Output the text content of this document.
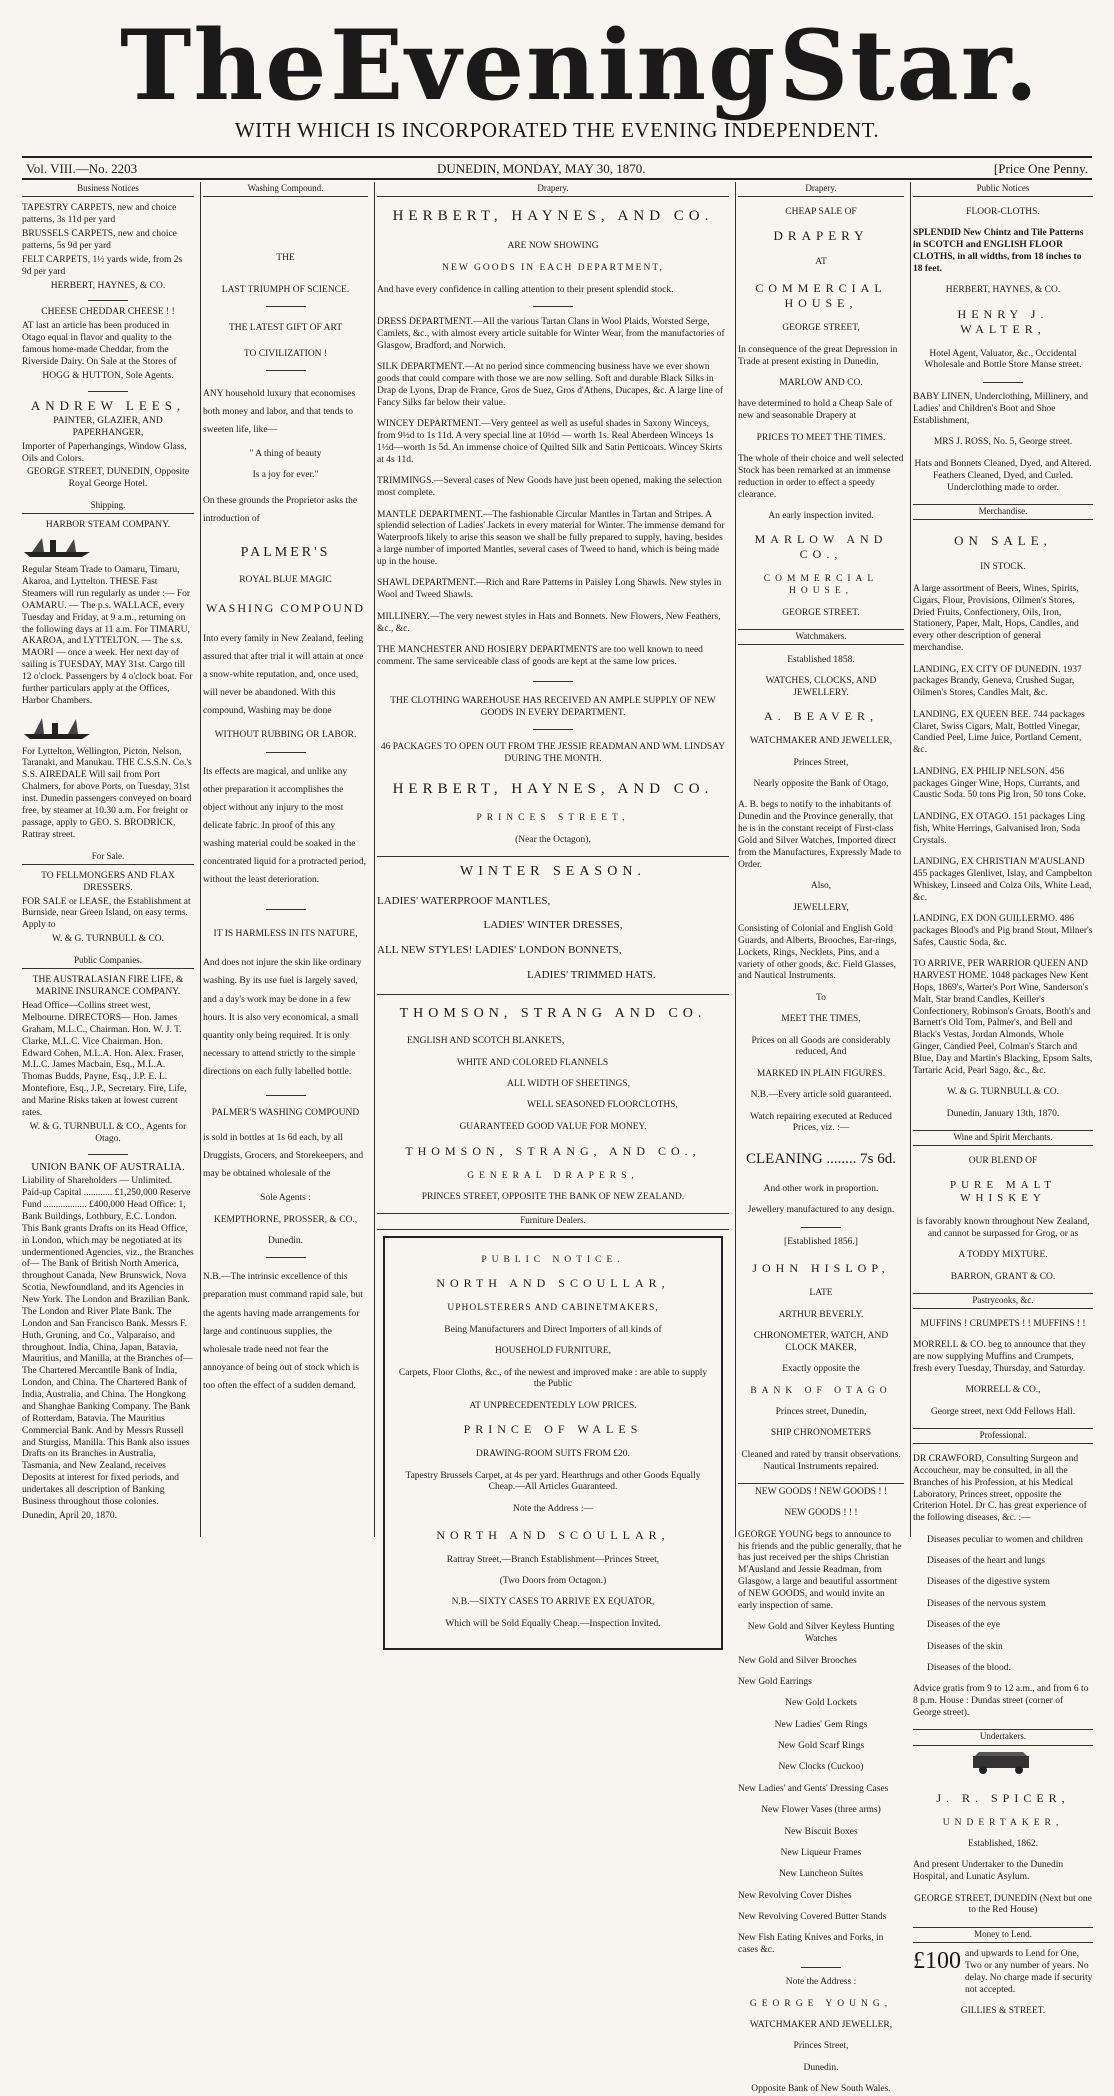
The Evening Star.
WITH WHICH IS INCORPORATED THE EVENING INDEPENDENT.
Vol. VIII.—No. 2203	DUNEDIN, MONDAY, MAY 30, 1870.	[Price One Penny.
Business Notices

TAPESTRY CARPETS, new and choice patterns, 3s 11d per yard

BRUSSELS CARPETS, new and choice patterns, 5s 9d per yard

FELT CARPETS, 1½ yards wide, from 2s 9d per yard

HERBERT, HAYNES, & CO.

CHEESE CHEDDAR CHEESE ! !

AT last an article has been produced in Otago equal in flavor and quality to the famous home-made Cheddar, from the Riverside Dairy. On Sale at the Stores of

HOGG & HUTTON, Sole Agents.

ANDREW LEES,

PAINTER, GLAZIER, AND PAPERHANGER,

Importer of Paperhangings, Window Glass, Oils and Colors.

GEORGE STREET, DUNEDIN, Opposite Royal George Hotel.

Shipping.

HARBOR STEAM COMPANY.

Regular Steam Trade to Oamaru, Timaru, Akaroa, and Lyttelton. THESE Fast Steamers will run regularly as under :— For OAMARU. — The p.s. WALLACE, every Tuesday and Friday, at 9 a.m., returning on the following days at 11 a.m. For TIMARU, AKAROA, and LYTTELTON. — The s.s. MAORI — once a week. Her next day of sailing is TUESDAY, MAY 31st. Cargo till 12 o'clock. Passengers by 4 o'clock boat. For further particulars apply at the Offices, Harbor Chambers.

For Lyttelton, Wellington, Picton, Nelson, Taranaki, and Manukau. THE C.S.S.N. Co.'s S.S. AIREDALE Will sail from Port Chalmers, for above Ports, on Tuesday, 31st inst. Dunedin passengers conveyed on board free, by steamer at 10.30 a.m. For freight or passage, apply to GEO. S. BRODRICK, Rattray street.

For Sale.

TO FELLMONGERS AND FLAX DRESSERS.

FOR SALE or LEASE, the Establishment at Burnside, near Green Island, on easy terms. Apply to

W. & G. TURNBULL & CO.

Public Companies.

THE AUSTRALASIAN FIRE LIFE, & MARINE INSURANCE COMPANY.

Head Office—Collins street west, Melbourne. DIRECTORS— Hon. James Graham, M.L.C., Chairman. Hon. W. J. T. Clarke, M.L.C. Vice Chairman. Hon. Edward Cohen, M.L.A. Hon. Alex. Fraser, M.L.C. James Macbain, Esq., M.L.A. Thomas Budds, Payne, Esq., J.P. E. L. Montefiore, Esq., J.P., Secretary. Fire, Life, and Marine Risks taken at lowest current rates.

W. & G. TURNBULL & CO., Agents for Otago.

UNION BANK OF AUSTRALIA.

Liability of Shareholders — Unlimited. Paid-up Capital ............ £1,250,000 Reserve Fund .................. £400,000 Head Office: 1, Bank Buildings, Lothbury, E.C. London. This Bank grants Drafts on its Head Office, in London, which may be negotiated at its undermentioned Agencies, viz., the Branches of— The Bank of British North America, throughout Canada, New Brunswick, Nova Scotia, Newfoundland, and its Agencies in New York. The London and Brazilian Bank. The London and River Plate Bank. The London and San Francisco Bank. Messrs F. Huth, Gruning, and Co., Valparaiso, and throughout. India, China, Japan, Batavia, Mauritius, and Manilla, at the Branches of— The Chartered Mercantile Bank of India, London, and China. The Chartered Bank of India, Australia, and China. The Hongkong and Shanghae Banking Company. The Bank of Rotterdam, Batavia. The Mauritius Commercial Bank. And by Messrs Russell and Sturgiss, Manilla. This Bank also issues Drafts on its Branches in Australia, Tasmania, and New Zealand, receives Deposits at interest for fixed periods, and undertakes all description of Banking Business throughout those colonies.

Dunedin, April 20, 1870.

Washing Compound.

THE

LAST TRIUMPH OF SCIENCE.

THE LATEST GIFT OF ART

TO CIVILIZATION !

ANY household luxury that economises both money and labor, and that tends to sweeten life, like—

" A thing of beauty

Is a joy for ever."

On these grounds the Proprietor asks the introduction of

PALMER'S

ROYAL BLUE MAGIC

WASHING COMPOUND

Into every family in New Zealand, feeling assured that after trial it will attain at once a snow-white reputation, and, once used, will never be abandoned. With this compound, Washing may be done

WITHOUT RUBBING OR LABOR.

Its effects are magical, and unlike any other preparation it accomplishes the object without any injury to the most delicate fabric. In proof of this any washing material could be soaked in the concentrated liquid for a protracted period, without the least deterioration.

IT IS HARMLESS IN ITS NATURE,

And does not injure the skin like ordinary washing. By its use fuel is largely saved, and a day's work may be done in a few hours. It is also very economical, a small quantity only being required. It is only necessary to attend strictly to the simple directions on each fully labelled bottle.

PALMER'S WASHING COMPOUND

is sold in bottles at 1s 6d each, by all Druggists, Grocers, and Storekeepers, and may be obtained wholesale of the

Sole Agents :

KEMPTHORNE, PROSSER, & CO.,

Dunedin.

N.B.—The intrinsic excellence of this preparation must command rapid sale, but the agents having made arrangements for large and continuous supplies, the wholesale trade need not fear the annoyance of being out of stock which is too often the effect of a sudden demand.

Drapery.

HERBERT, HAYNES, AND CO.

ARE NOW SHOWING

NEW GOODS IN EACH DEPARTMENT,

And have every confidence in calling attention to their present splendid stock.

DRESS DEPARTMENT.—All the various Tartan Clans in Wool Plaids, Worsted Serge, Camlets, &c., with almost every article suitable for Winter Wear, from the manufactories of Glasgow, Bradford, and Norwich.

SILK DEPARTMENT.—At no period since commencing business have we ever shown goods that could compare with those we are now selling. Soft and durable Black Silks in Drap de Lyons, Drap de France, Gros de Suez, Gros d'Athens, Ducapes, &c. A large line of Fancy Silks far below their value.

WINCEY DEPARTMENT.—Very genteel as well as useful shades in Saxony Winceys, from 9½d to 1s 11d. A very special line at 10½d — worth 1s. Real Aberdeen Winceys 1s 1½d—worth 1s 5d. An immense choice of Quilted Silk and Satin Petticoats. Wincey Skirts at 4s 11d.

TRIMMINGS.—Several cases of New Goods have just been opened, making the selection most complete.

MANTLE DEPARTMENT.—The fashionable Circular Mantles in Tartan and Stripes. A splendid selection of Ladies' Jackets in every material for Winter. The immense demand for Waterproofs likely to arise this season we shall be fully prepared to supply, having, besides a large number of imported Mantles, several cases of Tweed to hand, which is being made up in the house.

SHAWL DEPARTMENT.—Rich and Rare Patterns in Paisley Long Shawls. New styles in Wool and Tweed Shawls.

MILLINERY.—The very newest styles in Hats and Bonnets. New Flowers, New Feathers, &c., &c.

THE MANCHESTER AND HOSIERY DEPARTMENTS are too well known to need comment. The same serviceable class of goods are kept at the same low prices.

THE CLOTHING WAREHOUSE HAS RECEIVED AN AMPLE SUPPLY OF NEW GOODS IN EVERY DEPARTMENT.

46 PACKAGES TO OPEN OUT FROM THE JESSIE READMAN AND WM. LINDSAY DURING THE MONTH.

HERBERT, HAYNES, AND CO.

PRINCES STREET,

(Near the Octagon),

WINTER SEASON.

LADIES' WATERPROOF MANTLES,

LADIES' WINTER DRESSES,

ALL NEW STYLES! LADIES' LONDON BONNETS,

LADIES' TRIMMED HATS.

THOMSON, STRANG AND CO.

ENGLISH AND SCOTCH BLANKETS,

WHITE AND COLORED FLANNELS

ALL WIDTH OF SHEETINGS,

WELL SEASONED FLOORCLOTHS,

GUARANTEED GOOD VALUE FOR MONEY.

THOMSON, STRANG, AND CO.,

GENERAL DRAPERS,

PRINCES STREET, OPPOSITE THE BANK OF NEW ZEALAND.

Furniture Dealers.

PUBLIC NOTICE.

NORTH AND SCOULLAR,

UPHOLSTERERS AND CABINETMAKERS,

Being Manufacturers and Direct Importers of all kinds of

HOUSEHOLD FURNITURE,

Carpets, Floor Cloths, &c., of the newest and improved make : are able to supply the Public

AT UNPRECEDENTEDLY LOW PRICES.

PRINCE OF WALES

DRAWING-ROOM SUITS FROM £20.

Tapestry Brussels Carpet, at 4s per yard. Hearthrugs and other Goods Equally Cheap.—All Articles Guaranteed.

Note the Address :—

NORTH AND SCOULLAR,

Rattray Street,—Branch Establishment—Princes Street,

(Two Doors from Octagon.)

N.B.—SIXTY CASES TO ARRIVE EX EQUATOR,

Which will be Sold Equally Cheap.—Inspection Invited.

Drapery.

CHEAP SALE OF

DRAPERY

AT

COMMERCIAL HOUSE,

GEORGE STREET,

In consequence of the great Depression in Trade at present existing in Dunedin,

MARLOW AND CO.

have determined to hold a Cheap Sale of new and seasonable Drapery at

PRICES TO MEET THE TIMES.

The whole of their choice and well selected Stock has been remarked at an immense reduction in order to effect a speedy clearance.

An early inspection invited.

MARLOW AND CO.,

COMMERCIAL HOUSE,

GEORGE STREET.

Watchmakers.

Established 1858.

WATCHES, CLOCKS, AND JEWELLERY.

A. BEAVER,

WATCHMAKER AND JEWELLER,

Princes Street,

Nearly opposite the Bank of Otago,

A. B. begs to notify to the inhabitants of Dunedin and the Province generally, that he is in the constant receipt of First-class Gold and Silver Watches, Imported direct from the Manufactures, Expressly Made to Order.

Also,

JEWELLERY,

Consisting of Colonial and English Gold Guards, and Alberts, Brooches, Ear-rings, Lockets, Rings, Necklets, Pins, and a variety of other goods, &c. Field Glasses, and Nautical Instruments.

To

MEET THE TIMES,

Prices on all Goods are considerably reduced, And

MARKED IN PLAIN FIGURES.

N.B.—Every article sold guaranteed.

Watch repairing executed at Reduced Prices, viz. :—

CLEANING ........ 7s 6d.

And other work in proportion.

Jewellery manufactured to any design.

[Established 1856.]

JOHN HISLOP,

LATE

ARTHUR BEVERLY.

CHRONOMETER, WATCH, AND CLOCK MAKER,

Exactly opposite the

BANK OF OTAGO

Princes street, Dunedin,

SHIP CHRONOMETERS

Cleaned and rated by transit observations. Nautical Instruments repaired.

NEW GOODS ! NEW GOODS ! !

NEW GOODS ! ! !

GEORGE YOUNG begs to announce to his friends and the public generally, that he has just received per the ships Christian M'Ausland and Jessie Readman, from Glasgow, a large and beautiful assortment of NEW GOODS, and would invite an early inspection of same.

New Gold and Silver Keyless Hunting Watches

New Gold and Silver Brooches

New Gold Earrings

New Gold Lockets

New Ladies' Gem Rings

New Gold Scarf Rings

New Clocks (Cuckoo)

New Ladies' and Gents' Dressing Cases

New Flower Vases (three arms)

New Biscuit Boxes

New Liqueur Frames

New Luncheon Suites

New Revolving Cover Dishes

New Revolving Covered Butter Stands

New Fish Eating Knives and Forks, in cases &c.

Note the Address :

GEORGE YOUNG,

WATCHMAKER AND JEWELLER,

Princes Street,

Dunedin.

Opposite Bank of New South Wales.

Public Notices

FLOOR-CLOTHS.

SPLENDID New Chintz and Tile Patterns in SCOTCH and ENGLISH FLOOR CLOTHS, in all widths, from 18 inches to 18 feet.

HERBERT, HAYNES, & CO.

HENRY J. WALTER,

Hotel Agent, Valuator, &c., Occidental Wholesale and Bottle Store Manse street.

BABY LINEN, Underclothing, Millinery, and Ladies' and Children's Boot and Shoe Establishment,

MRS J. ROSS, No. 5, George street.

Hats and Bonnets Cleaned, Dyed, and Altered. Feathers Cleaned, Dyed, and Curled. Underclothing made to order.

Merchandise.

ON SALE,

IN STOCK.

A large assortment of Beers, Wines, Spirits, Cigars, Flour, Provisions, Oilmen's Stores, Dried Fruits, Confectionery, Oils, Iron, Stationery, Paper, Malt, Hops, Candles, and every other description of general merchandise.

LANDING, EX CITY OF DUNEDIN. 1937 packages Brandy, Geneva, Crushed Sugar, Oilmen's Stores, Candles Malt, &c.

LANDING, EX QUEEN BEE. 744 packages Claret, Swiss Cigars, Malt, Bottled Vinegar, Candied Peel, Lime Juice, Portland Cement, &c.

LANDING, EX PHILIP NELSON. 456 packages Ginger Wine, Hops, Currants, and Caustic Soda. 50 tons Pig Iron, 50 tons Coke.

LANDING, EX OTAGO. 151 packages Ling fish, White Herrings, Galvanised Iron, Soda Crystals.

LANDING, EX CHRISTIAN M'AUSLAND 455 packages Glenlivet, Islay, and Campbelton Whiskey, Linseed and Colza Oils, White Lead, &c.

LANDING, EX DON GUILLERMO. 486 packages Blood's and Pig brand Stout, Milner's Safes, Caustic Soda, &c.

TO ARRIVE, PER WARRIOR QUEEN AND HARVEST HOME. 1048 packages New Kent Hops, 1869's, Warter's Port Wine, Sanderson's Malt, Star brand Candles, Keiller's Confectionery, Robinson's Groats, Booth's and Barnett's Old Tom, Palmer's, and Bell and Black's Vestas, Jordan Almonds, Whole Ginger, Candied Peel, Colman's Starch and Blue, Day and Martin's Blacking, Epsom Salts, Tartaric Acid, Pearl Sago, &c., &c.

W. & G. TURNBULL & CO.

Dunedin, January 13th, 1870.

Wine and Spirit Merchants.

OUR BLEND OF

PURE MALT WHISKEY

is favorably known throughout New Zealand, and cannot be surpassed for Grog, or as

A TODDY MIXTURE.

BARRON, GRANT & CO.

Pastrycooks, &c.

MUFFINS ! CRUMPETS ! ! MUFFINS ! !

MORRELL & CO. beg to announce that they are now supplying Muffins and Crumpets, fresh every Tuesday, Thursday, and Saturday.

MORRELL & CO.,

George street, next Odd Fellows Hall.

Professional.

DR CRAWFORD, Consulting Surgeon and Accoucheur, may be consulted, in all the Branches of his Profession, at his Medical Laboratory, Princes street, opposite the Criterion Hotel. Dr C. has great experience of the following diseases, &c. :—

Diseases peculiar to women and children

Diseases of the heart and lungs

Diseases of the digestive system

Diseases of the nervous system

Diseases of the eye

Diseases of the skin

Diseases of the blood.

Advice gratis from 9 to 12 a.m., and from 6 to 8 p.m. House : Dundas street (corner of George street).

Undertakers.

J. R. SPICER,

UNDERTAKER,

Established, 1862.

And present Undertaker to the Dunedin Hospital, and Lunatic Asylum.

GEORGE STREET, DUNEDIN (Next but one to the Red House)

Money to Lend.
£100 and upwards to Lend for One, Two or any number of years. No delay. No charge made if security not accepted.

GILLIES & STREET.
